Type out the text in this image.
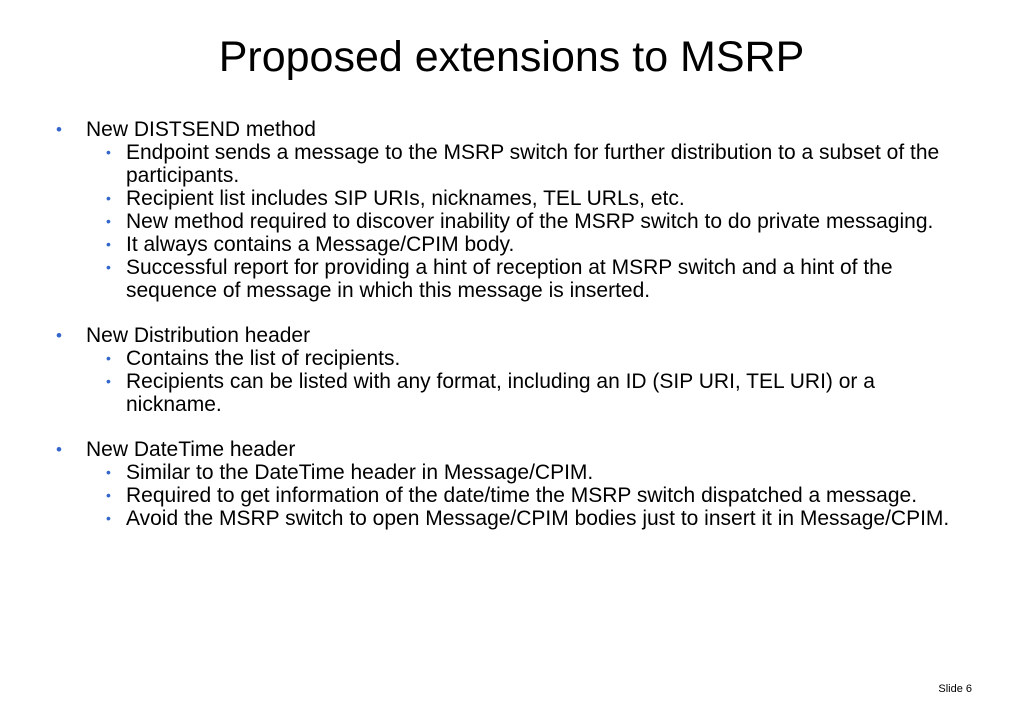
Proposed extensions to MSRP
•	New DISTSEND method
• Endpoint sends a message to the MSRP switch for further distribution to a subset of the participants.
• Recipient list includes SIP URIs, nicknames, TEL URLs, etc.
• New method required to discover inability of the MSRP switch to do private messaging.
• It always contains a Message/CPIM body.
• Successful report for providing a hint of reception at MSRP switch and a hint of the sequence of message in which this message is inserted.
•	New Distribution header
• Contains the list of recipients.
• Recipients can be listed with any format, including an ID (SIP URI, TEL URI) or a nickname.
•	New DateTime header
• Similar to the DateTime header in Message/CPIM.
• Required to get information of the date/time the MSRP switch dispatched a message.
• Avoid the MSRP switch to open Message/CPIM bodies just to insert it in Message/CPIM.
Slide 6
